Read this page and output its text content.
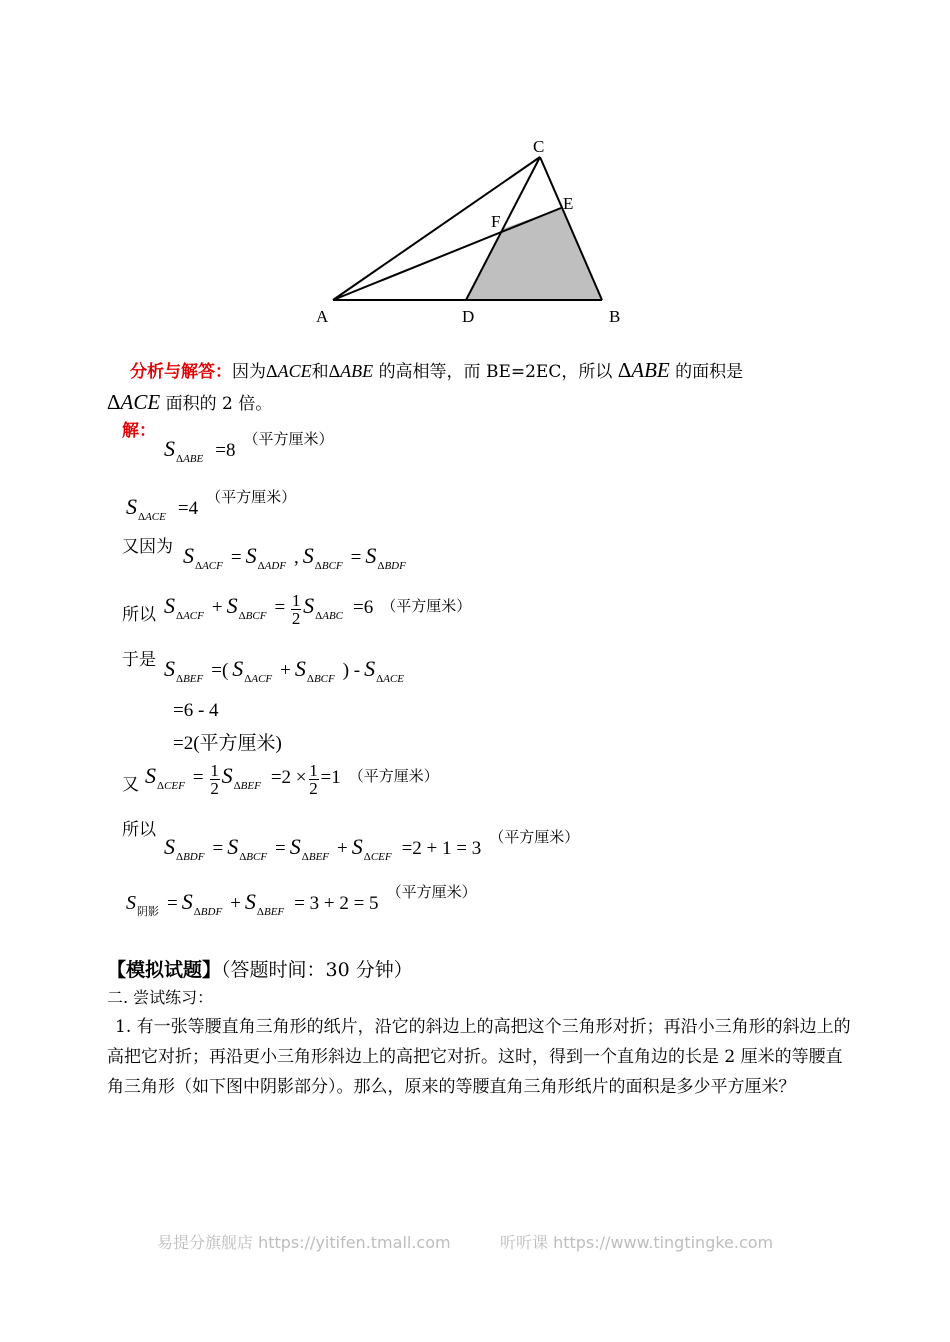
C
E
F
A	D	B
分析与解答：因为ΔACE和ΔABE 的高相等，而 BE=2EC，所以 ΔABE 的面积是
ΔACE 面积的 2 倍。
解：
$S_{\Delta ABE} =8$ （平方厘米）
$S_{\Delta ACE} =4$ （平方厘米）
又因为 $S_{\Delta ACF} = S_{\Delta ADF}$ , $S_{\Delta BCF} = S_{\Delta BDF}$
所以 $S_{\Delta ACF} + S_{\Delta BCF} = \frac{1}{2} S_{\Delta ABC} =6$ （平方厘米）
于是 $S_{\Delta BEF}$ =( $S_{\Delta ACF} + S_{\Delta BCF}$ ) - $S_{\Delta ACE}$
=6 - 4
=2(平方厘米)
又 $S_{\Delta CEF} = \frac{1}{2} S_{\Delta BEF} =2 \times \frac{1}{2} =1$ （平方厘米）
所以
$S_{\Delta BDF} = S_{\Delta BCF} = S_{\Delta BEF} + S_{\Delta CEF} =2 + 1 = 3$ （平方厘米）
$S_{阴影} = S_{\Delta BDF} + S_{\Delta BEF} = 3 + 2 = 5$ （平方厘米）
【模拟试题】（答题时间：30 分钟）
二. 尝试练习：
1. 有一张等腰直角三角形的纸片，沿它的斜边上的高把这个三角形对折；再沿小三角形的斜边上的高把它对折；再沿更小三角形斜边上的高把它对折。这时，得到一个直角边的长是 2 厘米的等腰直角三角形（如下图中阴影部分）。那么，原来的等腰直角三角形纸片的面积是多少平方厘米？
易提分旗舰店 https://yitifen.tmall.com	听听课 https://www.tingtingke.com
